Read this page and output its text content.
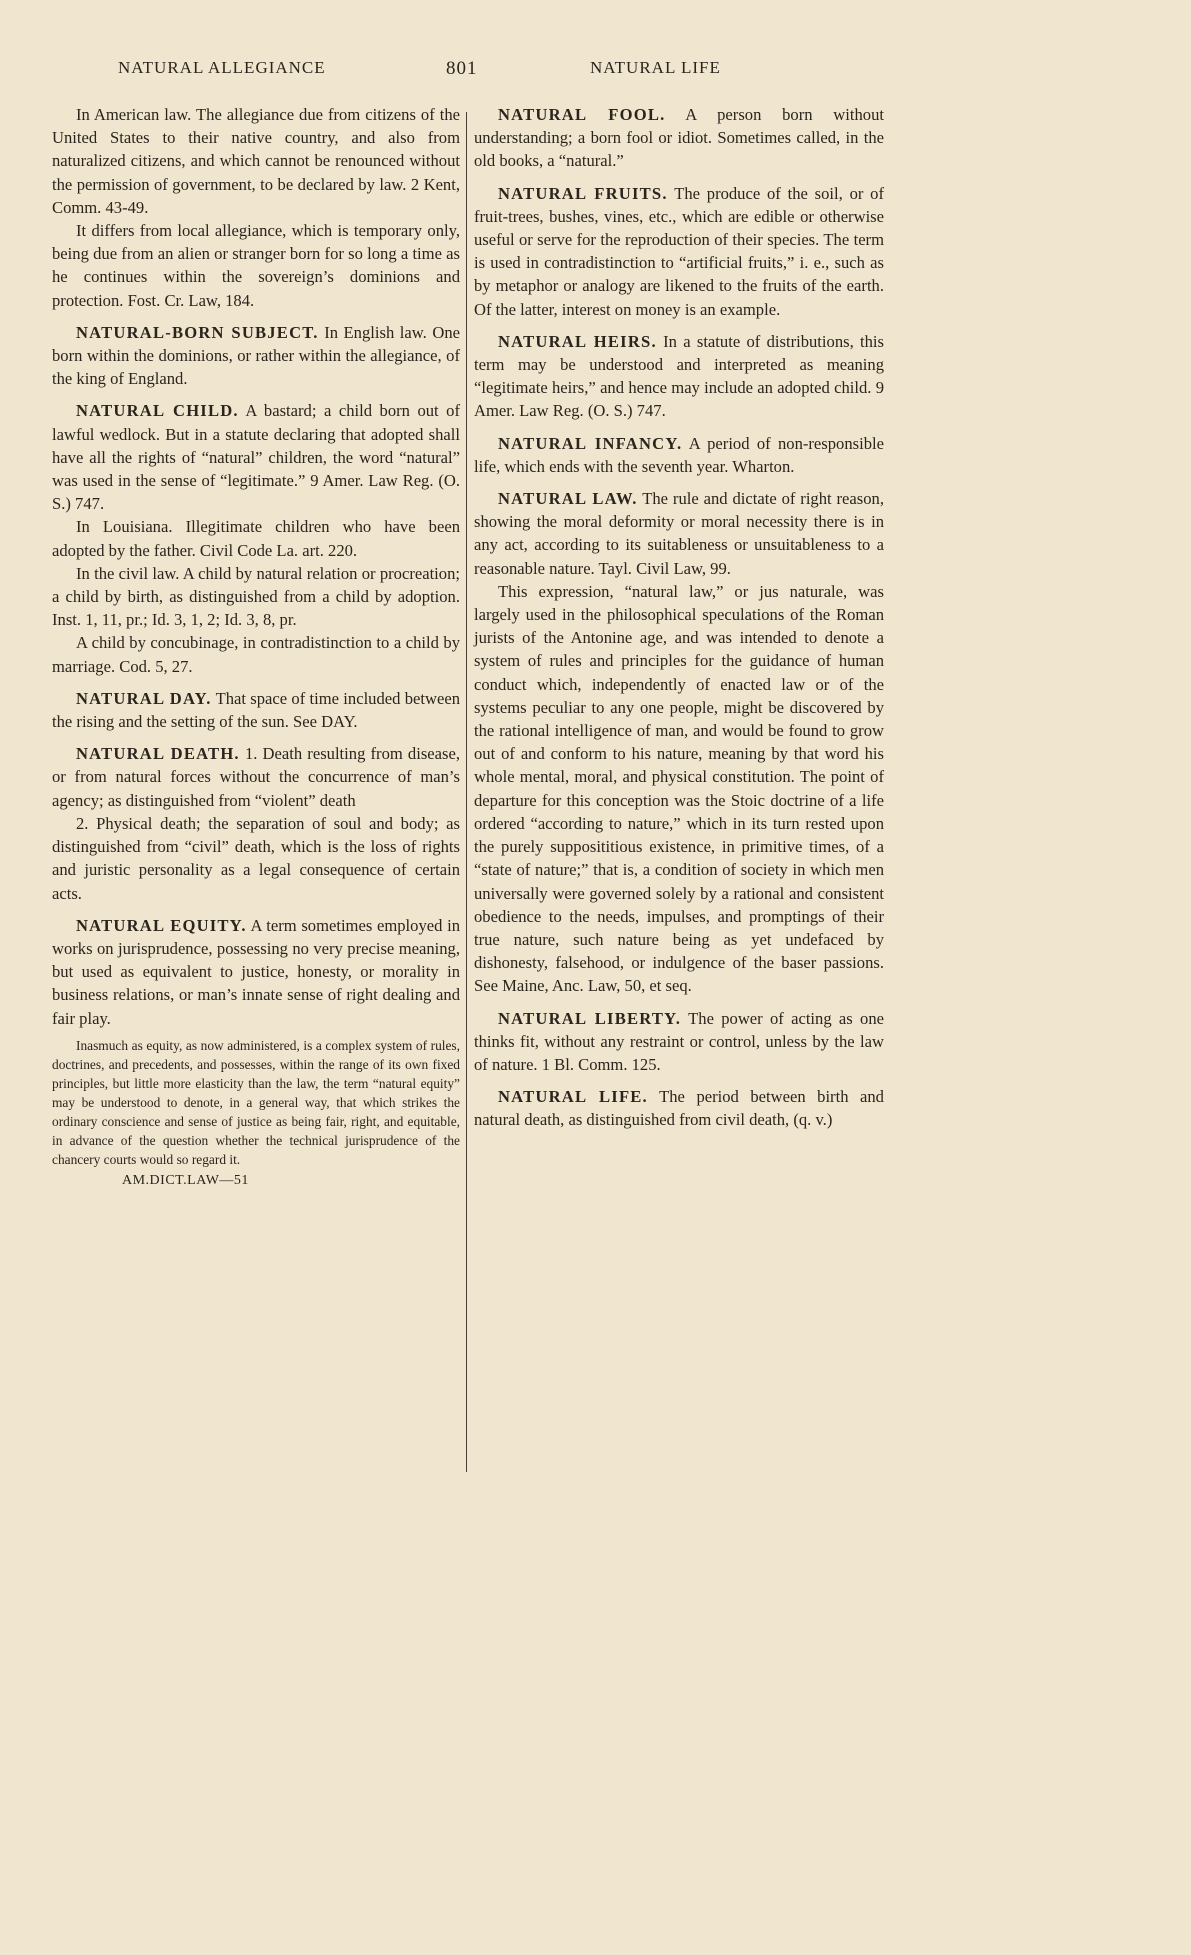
NATURAL ALLEGIANCE	801	NATURAL LIFE

In American law. The allegiance due from citizens of the United States to their native country, and also from naturalized citizens, and which cannot be renounced without the permission of government, to be declared by law. 2 Kent, Comm. 43-49.

It differs from local allegiance, which is temporary only, being due from an alien or stranger born for so long a time as he continues within the sovereign’s dominions and protection. Fost. Cr. Law, 184.

NATURAL-BORN SUBJECT. In English law. One born within the dominions, or rather within the allegiance, of the king of England.

NATURAL CHILD. A bastard; a child born out of lawful wedlock. But in a statute declaring that adopted shall have all the rights of “natural” children, the word “natural” was used in the sense of “legitimate.” 9 Amer. Law Reg. (O. S.) 747.

In Louisiana. Illegitimate children who have been adopted by the father. Civil Code La. art. 220.

In the civil law. A child by natural relation or procreation; a child by birth, as distinguished from a child by adoption. Inst. 1, 11, pr.; Id. 3, 1, 2; Id. 3, 8, pr.

A child by concubinage, in contradistinction to a child by marriage. Cod. 5, 27.

NATURAL DAY. That space of time included between the rising and the setting of the sun. See DAY.

NATURAL DEATH. 1. Death resulting from disease, or from natural forces without the concurrence of man’s agency; as distinguished from “violent” death

2. Physical death; the separation of soul and body; as distinguished from “civil” death, which is the loss of rights and juristic personality as a legal consequence of certain acts.

NATURAL EQUITY. A term sometimes employed in works on jurisprudence, possessing no very precise meaning, but used as equivalent to justice, honesty, or morality in business relations, or man’s innate sense of right dealing and fair play.

Inasmuch as equity, as now administered, is a complex system of rules, doctrines, and precedents, and possesses, within the range of its own fixed principles, but little more elasticity than the law, the term “natural equity” may be understood to denote, in a general way, that which strikes the ordinary conscience and sense of justice as being fair, right, and equitable, in advance of the question whether the technical jurisprudence of the chancery courts would so regard it.

AM.DICT.LAW—51

NATURAL FOOL. A person born without understanding; a born fool or idiot. Sometimes called, in the old books, a “natural.”

NATURAL FRUITS. The produce of the soil, or of fruit-trees, bushes, vines, etc., which are edible or otherwise useful or serve for the reproduction of their species. The term is used in contradistinction to “artificial fruits,” i. e., such as by metaphor or analogy are likened to the fruits of the earth. Of the latter, interest on money is an example.

NATURAL HEIRS. In a statute of distributions, this term may be understood and interpreted as meaning “legitimate heirs,” and hence may include an adopted child. 9 Amer. Law Reg. (O. S.) 747.

NATURAL INFANCY. A period of non-responsible life, which ends with the seventh year. Wharton.

NATURAL LAW. The rule and dictate of right reason, showing the moral deformity or moral necessity there is in any act, according to its suitableness or unsuitableness to a reasonable nature. Tayl. Civil Law, 99.

This expression, “natural law,” or jus naturale, was largely used in the philosophical speculations of the Roman jurists of the Antonine age, and was intended to denote a system of rules and principles for the guidance of human conduct which, independently of enacted law or of the systems peculiar to any one people, might be discovered by the rational intelligence of man, and would be found to grow out of and conform to his nature, meaning by that word his whole mental, moral, and physical constitution. The point of departure for this conception was the Stoic doctrine of a life ordered “according to nature,” which in its turn rested upon the purely supposititious existence, in primitive times, of a “state of nature;” that is, a condition of society in which men universally were governed solely by a rational and consistent obedience to the needs, impulses, and promptings of their true nature, such nature being as yet undefaced by dishonesty, falsehood, or indulgence of the baser passions. See Maine, Anc. Law, 50, et seq.

NATURAL LIBERTY. The power of acting as one thinks fit, without any restraint or control, unless by the law of nature. 1 Bl. Comm. 125.

NATURAL LIFE. The period between birth and natural death, as distinguished from civil death, (q. v.)
